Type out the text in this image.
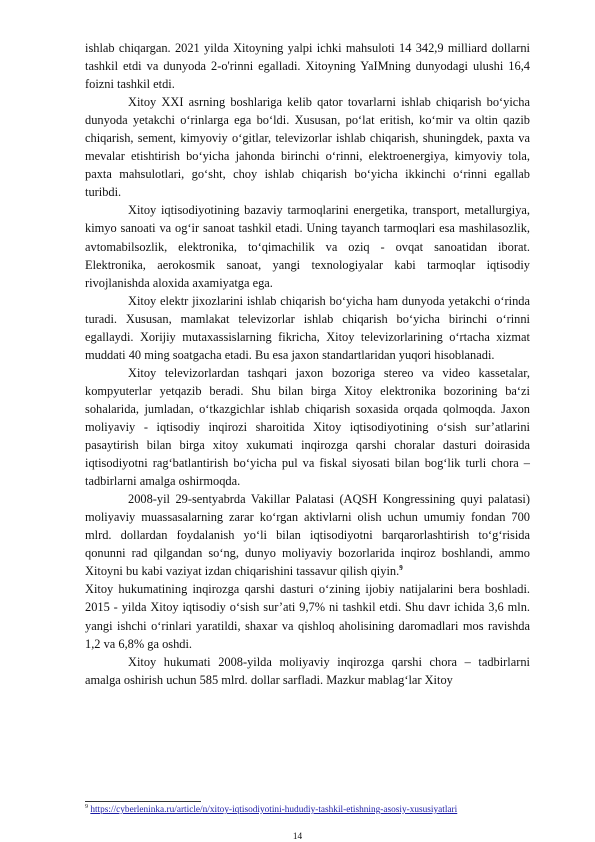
ishlab chiqargan. 2021 yilda Xitoyning yalpi ichki mahsuloti 14 342,9 milliard dollarni tashkil etdi va dunyoda 2-o'rinni egalladi. Xitoyning YaIMning dunyodagi ulushi 16,4 foizni tashkil etdi.

Xitoy XXI asrning boshlariga kelib qator tovarlarni ishlab chiqarish bo‘yicha dunyoda yetakchi o‘rinlarga ega bo‘ldi. Xususan, po‘lat eritish, ko‘mir va oltin qazib chiqarish, sement, kimyoviy o‘gitlar, televizorlar ishlab chiqarish, shuningdek, paxta va mevalar etishtirish bo‘yicha jahonda birinchi o‘rinni, elektroenergiya, kimyoviy tola, paxta mahsulotlari, go‘sht, choy ishlab chiqarish bo‘yicha ikkinchi o‘rinni egallab turibdi.

Xitoy iqtisodiyotining bazaviy tarmoqlarini energetika, transport, metallurgiya, kimyo sanoati va og‘ir sanoat tashkil etadi. Uning tayanch tarmoqlari esa mashilasozlik, avtomabilsozlik, elektronika, to‘qimachilik va oziq - ovqat sanoatidan iborat. Elektronika, aerokosmik sanoat, yangi texnologiyalar kabi tarmoqlar iqtisodiy rivojlanishda aloxida axamiyatga ega.

Xitoy elektr jixozlarini ishlab chiqarish bo‘yicha ham dunyoda yetakchi o‘rinda turadi. Xususan, mamlakat televizorlar ishlab chiqarish bo‘yicha birinchi o‘rinni egallaydi. Xorijiy mutaxassislarning fikricha, Xitoy televizorlarining o‘rtacha xizmat muddati 40 ming soatgacha etadi. Bu esa jaxon standartlaridan yuqori hisoblanadi.

Xitoy televizorlardan tashqari jaxon bozoriga stereo va video kassetalar, kompyuterlar yetqazib beradi. Shu bilan birga Xitoy elektronika bozorining ba‘zi sohalarida, jumladan, o‘tkazgichlar ishlab chiqarish soxasida orqada qolmoqda. Jaxon moliyaviy - iqtisodiy inqirozi sharoitida Xitoy iqtisodiyotining o‘sish sur’atlarini pasaytirish bilan birga xitoy xukumati inqirozga qarshi choralar dasturi doirasida iqtisodiyotni rag‘batlantirish bo‘yicha pul va fiskal siyosati bilan bog‘lik turli chora – tadbirlarni amalga oshirmoqda.

2008-yil 29-sentyabrda Vakillar Palatasi (AQSH Kongressining quyi palatasi) moliyaviy muassasalarning zarar ko‘rgan aktivlarni olish uchun umumiy fondan 700 mlrd. dollardan foydalanish yo‘li bilan iqtisodiyotni barqarorlashtirish to‘g‘risida qonunni rad qilgandan so‘ng, dunyo moliyaviy bozorlarida inqiroz boshlandi, ammo Xitoyni bu kabi vaziyat izdan chiqarishini tassavur qilish qiyin.$^9$

Xitoy hukumatining inqirozga qarshi dasturi o‘zining ijobiy natijalarini bera boshladi. 2015 - yilda Xitoy iqtisodiy o‘sish sur’ati 9,7% ni tashkil etdi. Shu davr ichida 3,6 mln. yangi ishchi o‘rinlari yaratildi, shaxar va qishloq aholisining daromadlari mos ravishda 1,2 va 6,8% ga oshdi.

Xitoy hukumati 2008-yilda moliyaviy inqirozga qarshi chora – tadbirlarni amalga oshirish uchun 585 mlrd. dollar sarfladi. Mazkur mablag‘lar Xitoy

$^9$ https://cyberleninka.ru/article/n/xitoy-iqtisodiyotini-hududiy-tashkil-etishning-asosiy-xususiyatlari
14
